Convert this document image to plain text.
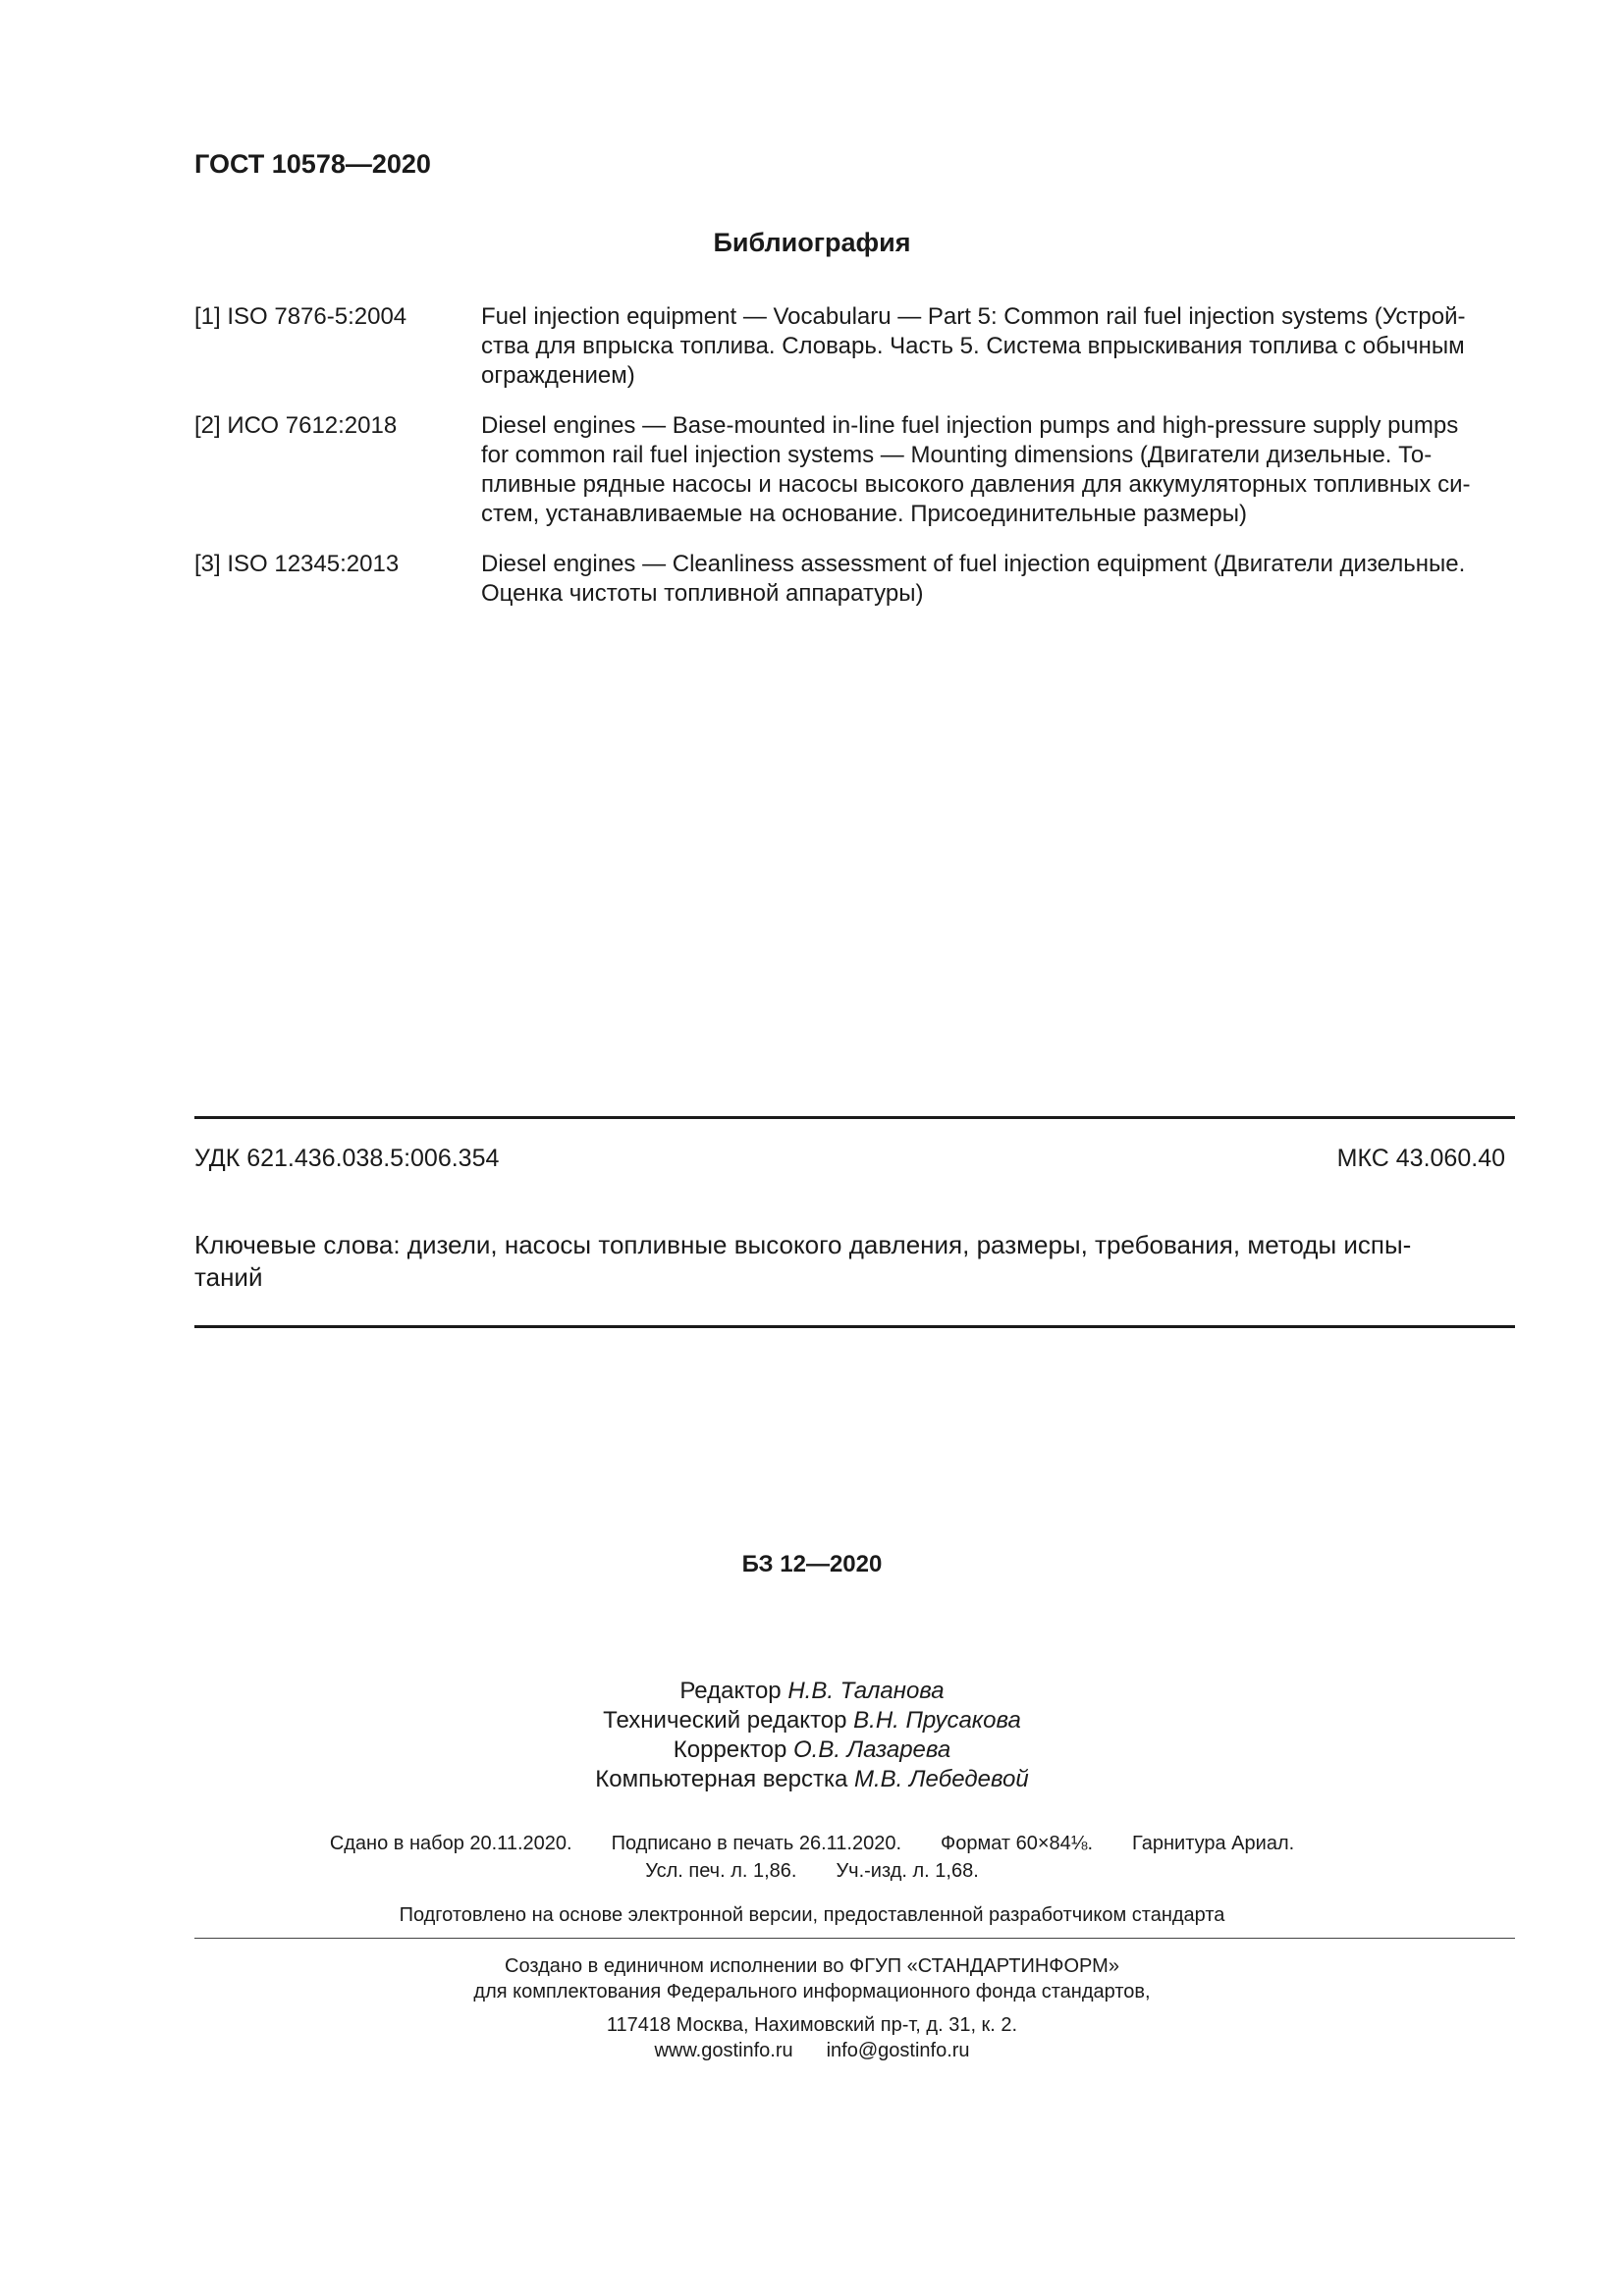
ГОСТ 10578—2020
Библиография
[1] ISO 7876-5:2004	Fuel injection equipment — Vocabularu — Part 5: Common rail fuel injection systems (Устрой-
ства для впрыска топлива. Словарь. Часть 5. Система впрыскивания топлива с обычным
ограждением)
[2] ИСО 7612:2018	Diesel engines — Base-mounted in-line fuel injection pumps and high-pressure supply pumps
for common rail fuel injection systems — Mounting dimensions (Двигатели дизельные. То-
пливные рядные насосы и насосы высокого давления для аккумуляторных топливных си-
стем, устанавливаемые на основание. Присоединительные размеры)
[3] ISO 12345:2013	Diesel engines — Cleanliness assessment of fuel injection equipment (Двигатели дизельные.
Оценка чистоты топливной аппаратуры)
УДК 621.436.038.5:006.354	МКС 43.060.40
Ключевые слова: дизели, насосы топливные высокого давления, размеры, требования, методы испы-
таний
БЗ 12—2020
Редактор Н.В. Таланова
Технический редактор В.Н. Прусакова
Корректор О.В. Лазарева
Компьютерная верстка М.В. Лебедевой
Сдано в набор 20.11.2020. Подписано в печать 26.11.2020. Формат 60×84⅛. Гарнитура Ариал.
Усл. печ. л. 1,86. Уч.-изд. л. 1,68.
Подготовлено на основе электронной версии, предоставленной разработчиком стандарта
Создано в единичном исполнении во ФГУП «СТАНДАРТИНФОРМ»
для комплектования Федерального информационного фонда стандартов,
117418 Москва, Нахимовский пр-т, д. 31, к. 2.
www.gostinfo.ru info@gostinfo.ru
